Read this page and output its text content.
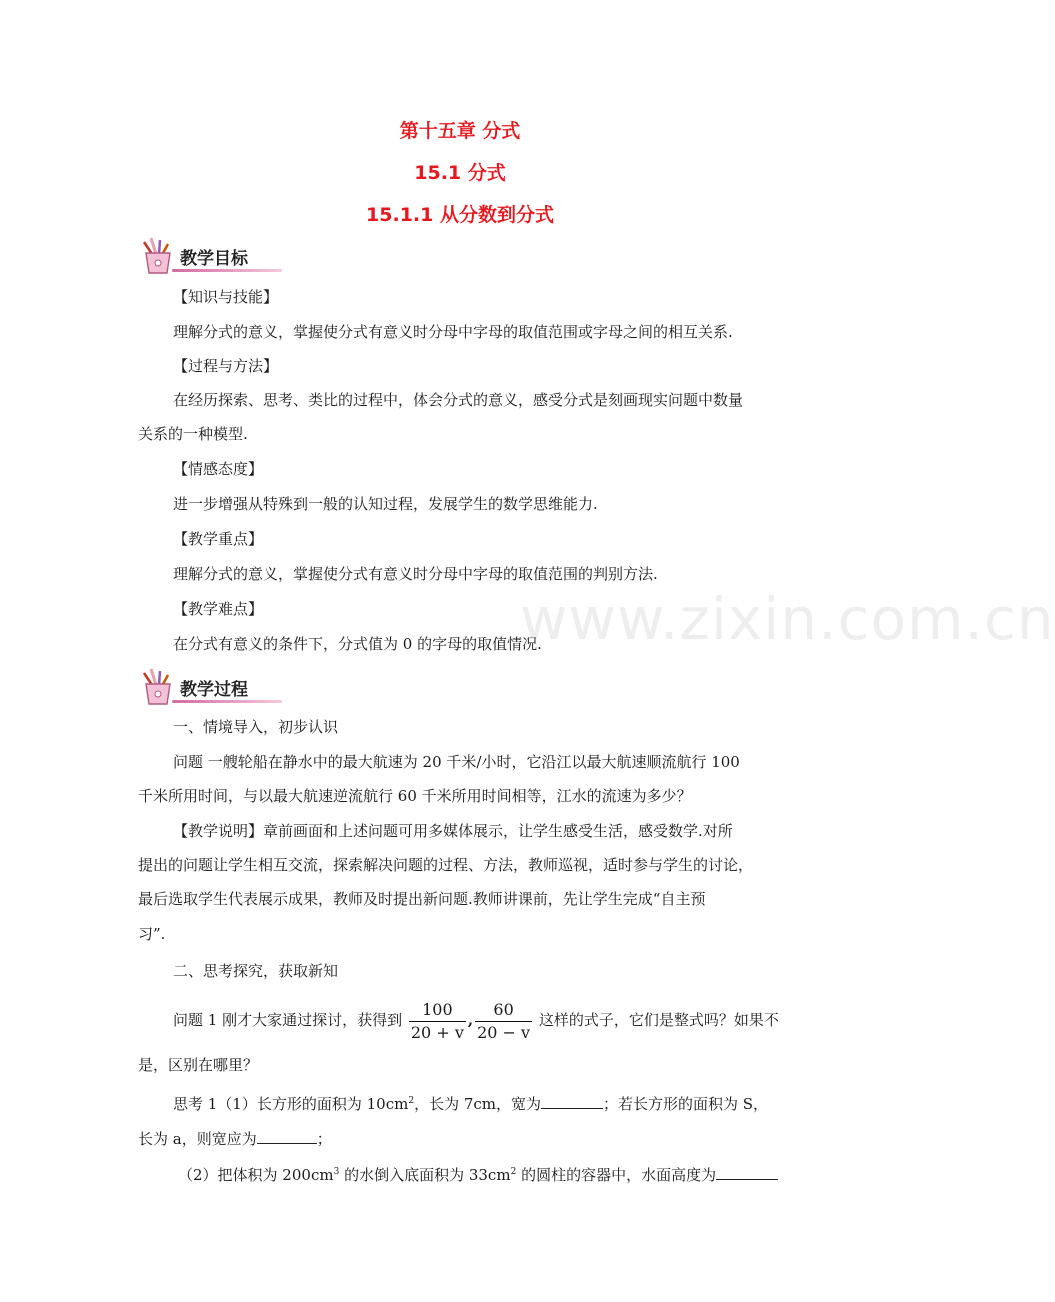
第十五章 分式
15.1 分式
15.1.1 从分数到分式
教学目标
【知识与技能】
理解分式的意义，掌握使分式有意义时分母中字母的取值范围或字母之间的相互关系.
【过程与方法】
在经历探索、思考、类比的过程中，体会分式的意义，感受分式是刻画现实问题中数量
关系的一种模型.
【情感态度】
进一步增强从特殊到一般的认知过程，发展学生的数学思维能力.
【教学重点】
理解分式的意义，掌握使分式有意义时分母中字母的取值范围的判别方法.
【教学难点】
在分式有意义的条件下，分式值为 0 的字母的取值情况.
www.zixin.com.cn
教学过程
一、情境导入，初步认识
问题 一艘轮船在静水中的最大航速为 20 千米/小时，它沿江以最大航速顺流航行 100
千米所用时间，与以最大航速逆流航行 60 千米所用时间相等，江水的流速为多少？
【教学说明】章前画面和上述问题可用多媒体展示，让学生感受生活，感受数学.对所
提出的问题让学生相互交流，探索解决问题的过程、方法，教师巡视，适时参与学生的讨论，
最后选取学生代表展示成果，教师及时提出新问题.教师讲课前，先让学生完成“自主预
习”.
二、思考探究，获取新知
问题 1 刚才大家通过探讨，获得到 $\frac{100}{20 + v}$ , $\frac{60}{20 - v}$ 这样的式子，它们是整式吗？如果不
是，区别在哪里？
思考 1（1）长方形的面积为 $10cm^2$，长为 7cm，宽为	；若长方形的面积为 S，
长为 a，则宽应为	；
（2）把体积为 $200cm^3$ 的水倒入底面积为 $33cm^2$ 的圆柱的容器中，水面高度为
